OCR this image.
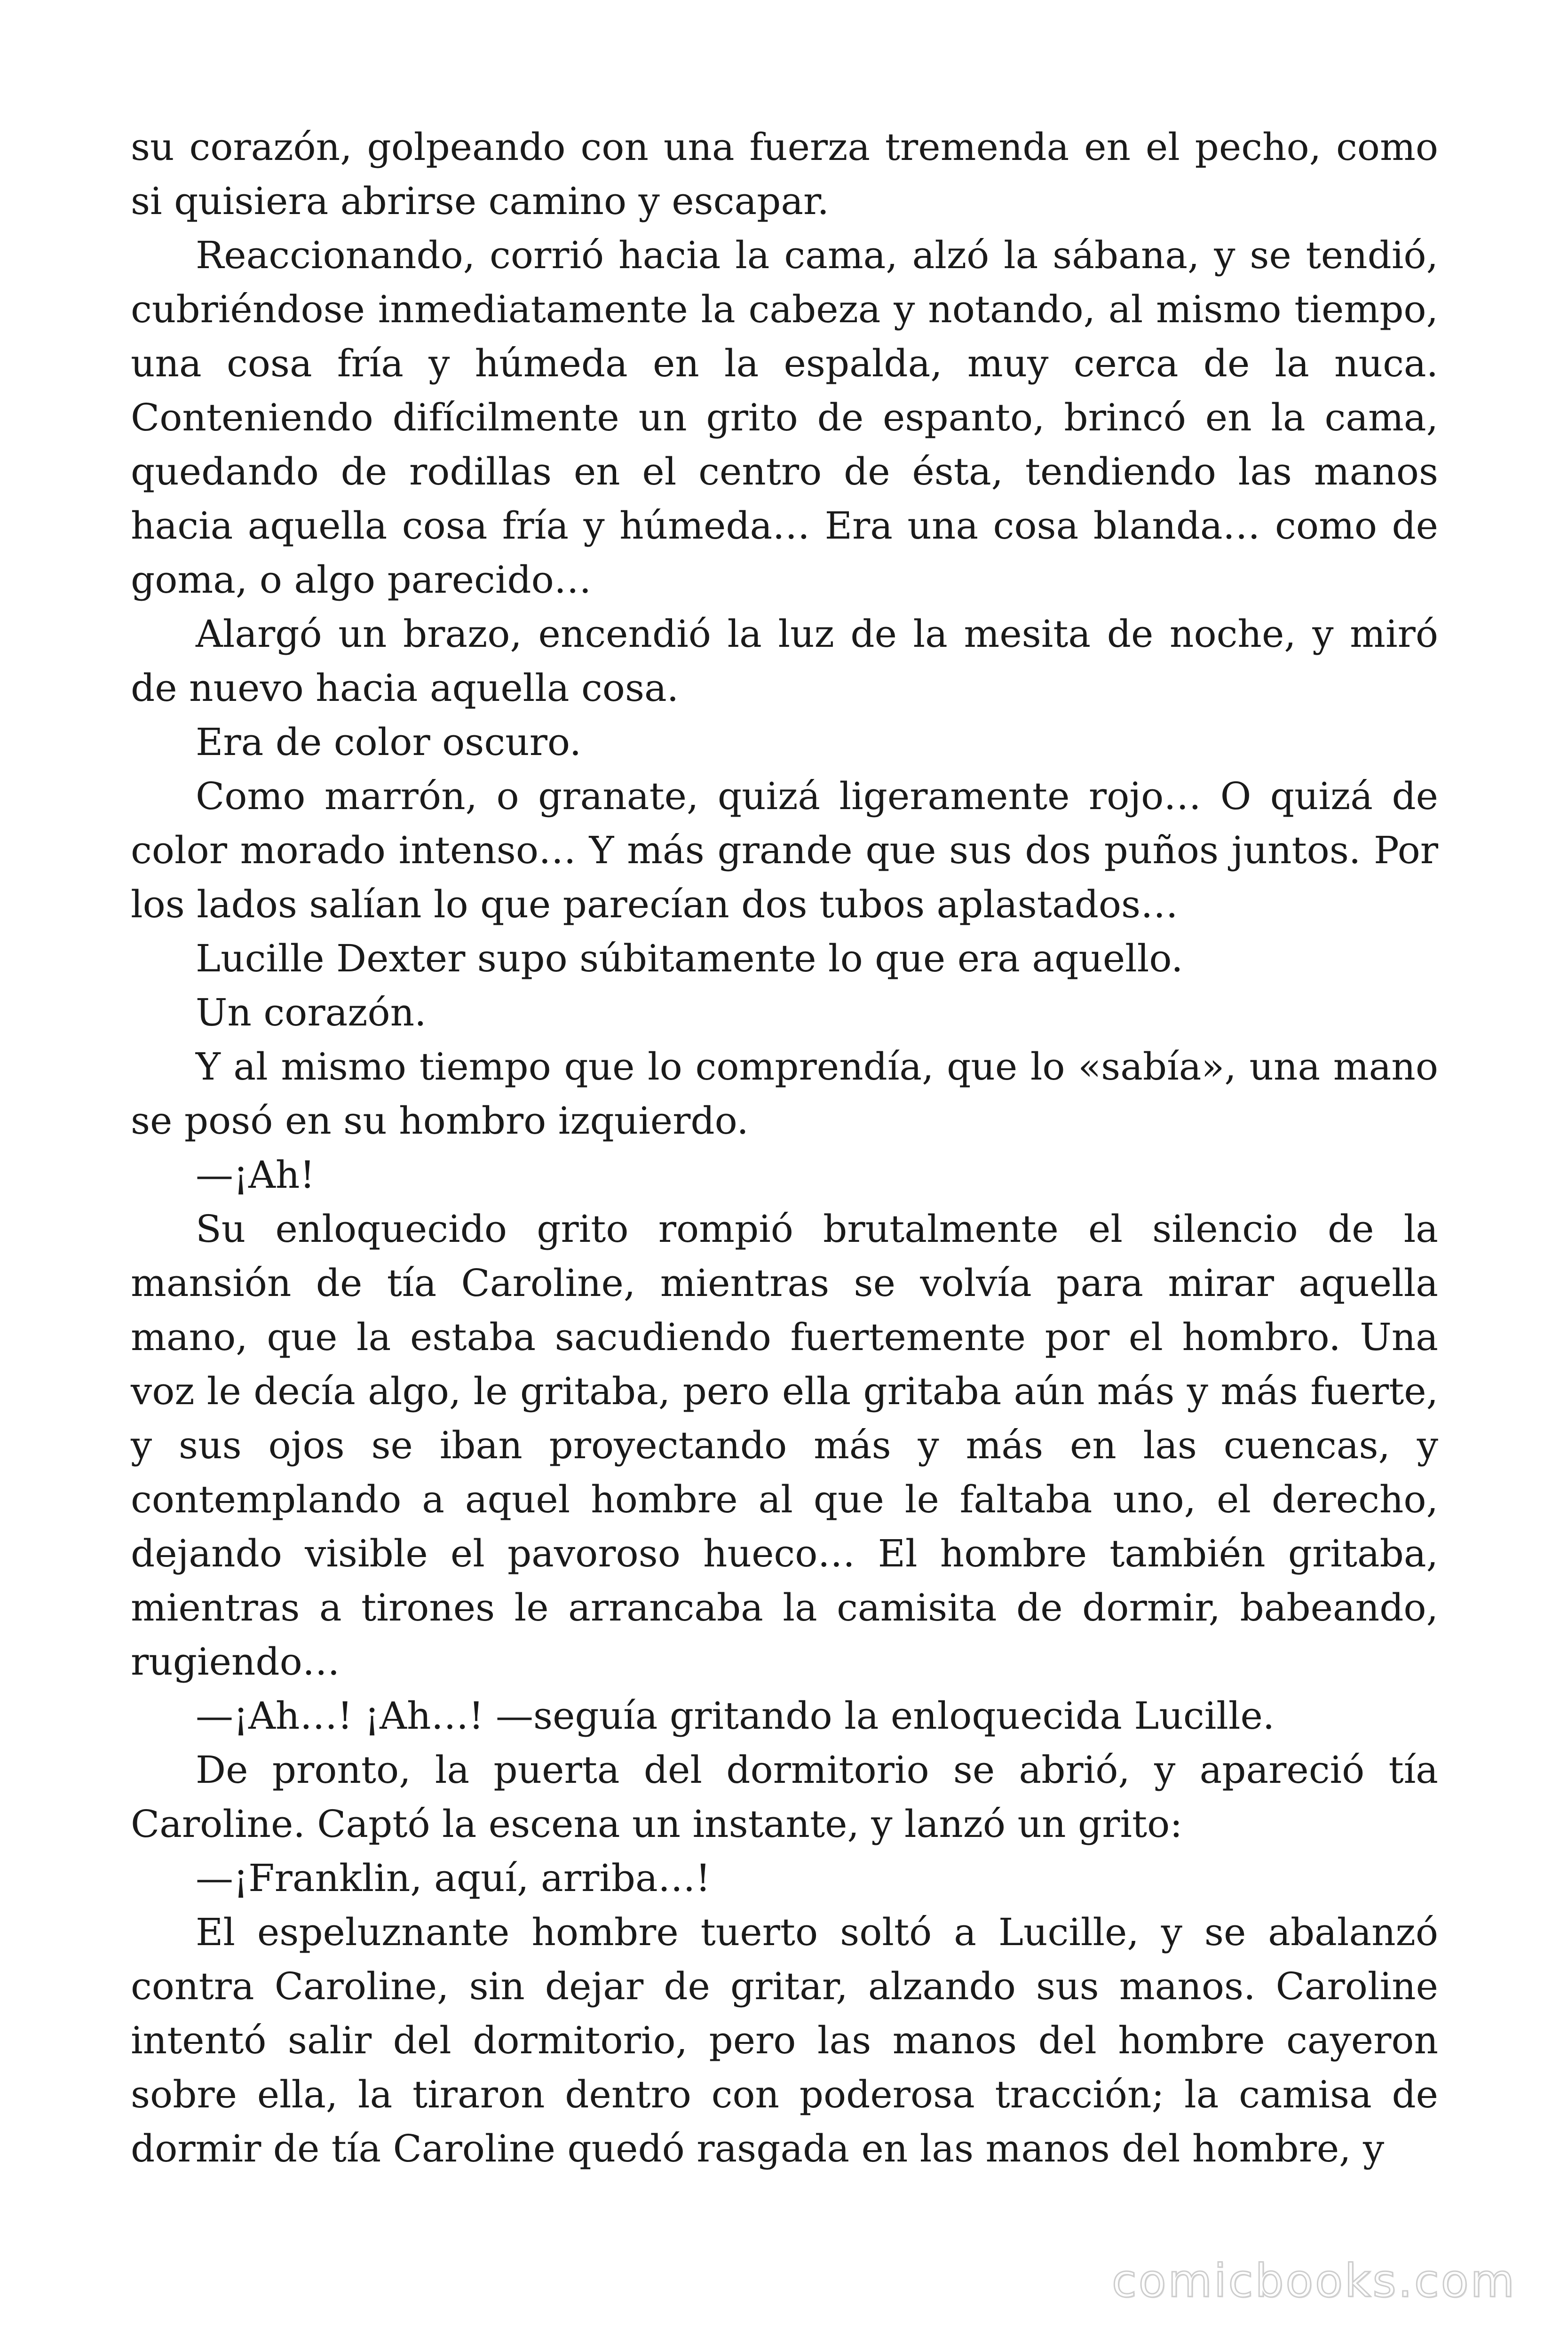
su corazón, golpeando con una fuerza tremenda en el pecho, como si quisiera abrirse camino y escapar.

Reaccionando, corrió hacia la cama, alzó la sábana, y se tendió, cubriéndose inmediatamente la cabeza y notando, al mismo tiempo, una cosa fría y húmeda en la espalda, muy cerca de la nuca. Conteniendo difícilmente un grito de espanto, brincó en la cama, quedando de rodillas en el centro de ésta, tendiendo las manos hacia aquella cosa fría y húmeda… Era una cosa blanda… como de goma, o algo parecido…

Alargó un brazo, encendió la luz de la mesita de noche, y miró de nuevo hacia aquella cosa.

Era de color oscuro.

Como marrón, o granate, quizá ligeramente rojo… O quizá de color morado intenso… Y más grande que sus dos puños juntos. Por los lados salían lo que parecían dos tubos aplastados…

Lucille Dexter supo súbitamente lo que era aquello.

Un corazón.

Y al mismo tiempo que lo comprendía, que lo «sabía», una mano se posó en su hombro izquierdo.

—¡Ah!

Su enloquecido grito rompió brutalmente el silencio de la mansión de tía Caroline, mientras se volvía para mirar aquella mano, que la estaba sacudiendo fuertemente por el hombro. Una voz le decía algo, le gritaba, pero ella gritaba aún más y más fuerte, y sus ojos se iban proyectando más y más en las cuencas, y contemplando a aquel hombre al que le faltaba uno, el derecho, dejando visible el pavoroso hueco… El hombre también gritaba, mientras a tirones le arrancaba la camisita de dormir, babeando, rugiendo…

—¡Ah…! ¡Ah…! —seguía gritando la enloquecida Lucille.

De pronto, la puerta del dormitorio se abrió, y apareció tía Caroline. Captó la escena un instante, y lanzó un grito:

—¡Franklin, aquí, arriba…!

El espeluznante hombre tuerto soltó a Lucille, y se abalanzó contra Caroline, sin dejar de gritar, alzando sus manos. Caroline intentó salir del dormitorio, pero las manos del hombre cayeron sobre ella, la tiraron dentro con poderosa tracción; la camisa de dormir de tía Caroline quedó rasgada en las manos del hombre, y

comicbooks.com
